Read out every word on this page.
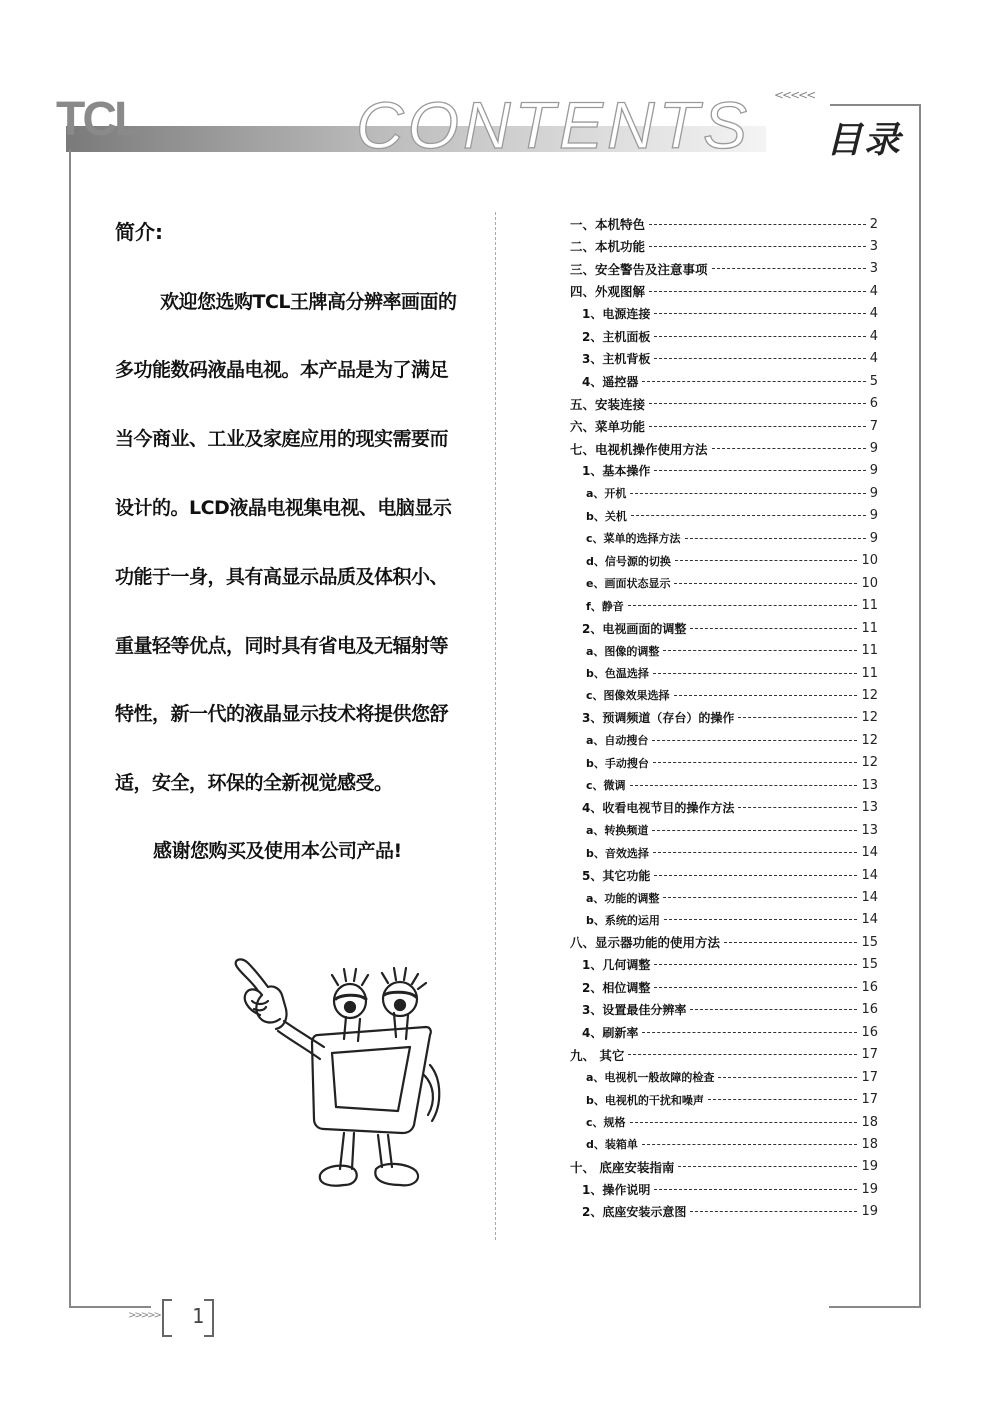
TCL	CONTENTS <<<<<
目录
简介:
欢迎您选购TCL王牌高分辨率画面的
多功能数码液晶电视。本产品是为了满足
当今商业、工业及家庭应用的现实需要而
设计的。LCD液晶电视集电视、电脑显示
功能于一身，具有高显示品质及体积小、
重量轻等优点，同时具有省电及无辐射等
特性，新一代的液晶显示技术将提供您舒
适，安全，环保的全新视觉感受。
感谢您购买及使用本公司产品!
一、本机特色	2
二、本机功能	3
三、安全警告及注意事项	3
四、外观图解	4
1、电源连接	4
2、主机面板	4
3、主机背板	4
4、遥控器	5
五、安装连接	6
六、菜单功能	7
七、电视机操作使用方法	9
1、基本操作	9
a、开机	9
b、关机	9
c、菜单的选择方法	9
d、信号源的切换	10
e、画面状态显示	10
f、静音	11
2、电视画面的调整	11
a、图像的调整	11
b、色温选择	11
c、图像效果选择	12
3、预调频道（存台）的操作	12
a、自动搜台	12
b、手动搜台	12
c、微调	13
4、收看电视节目的操作方法	13
a、转换频道	13
b、音效选择	14
5、其它功能	14
a、功能的调整	14
b、系统的运用	14
八、显示器功能的使用方法	15
1、几何调整	15
2、相位调整	16
3、设置最佳分辨率	16
4、刷新率	16
九、 其它	17
a、电视机一般故障的检查	17
b、电视机的干扰和噪声	17
c、规格	18
d、装箱单	18
十、 底座安装指南	19
1、操作说明	19
2、底座安装示意图	19
>>>>> 1
